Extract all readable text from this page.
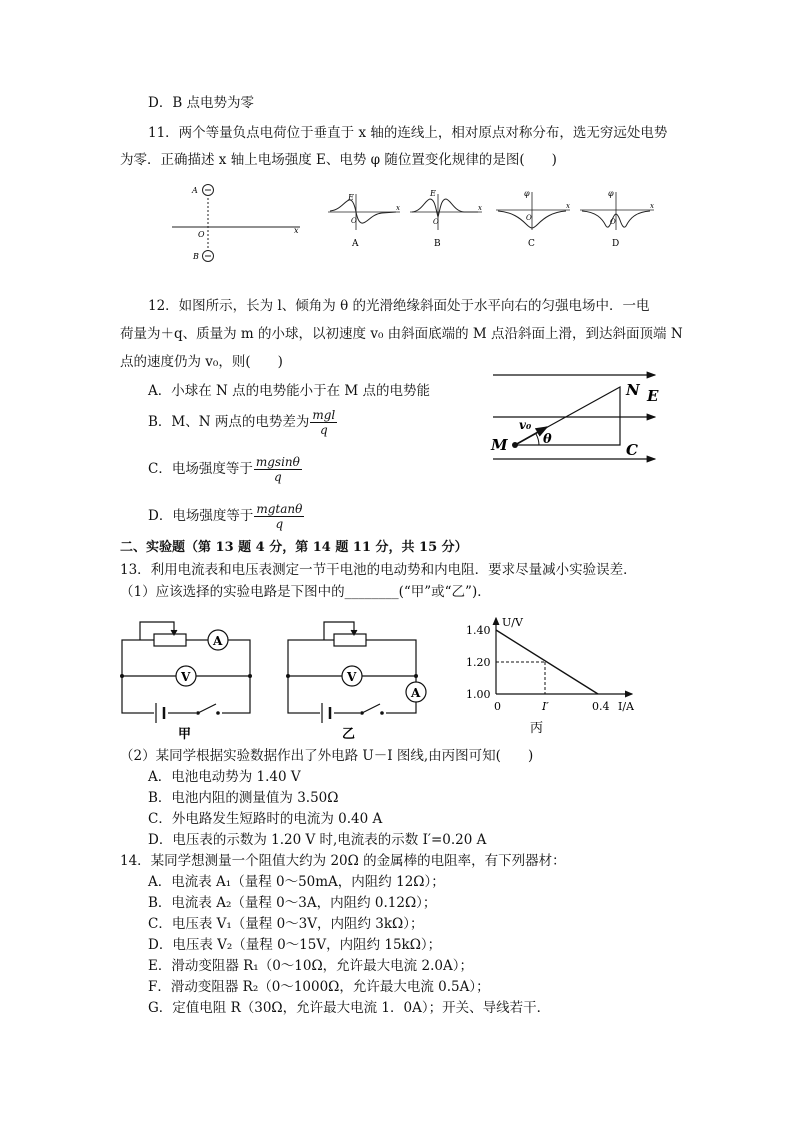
D．B 点电势为零
11．两个等量负点电荷位于垂直于 x 轴的连线上，相对原点对称分布，选无穷远处电势
为零．正确描述 x 轴上电场强度 E、电势 φ 随位置变化规律的是图(　　)
A
B
O	x
E
x
O
A
E
x
O
B
φ
x
O
C
φ
x
O
D
12．如图所示，长为 l、倾角为 θ 的光滑绝缘斜面处于水平向右的匀强电场中．一电
荷量为＋q、质量为 m 的小球，以初速度 v₀ 由斜面底端的 M 点沿斜面上滑，到达斜面顶端 N
点的速度仍为 v₀，则(　　)
A．小球在 N 点的电势能小于在 M 点的电势能
B．M、N 两点的电势差为 $\frac{\text{mgl}}{q}$
C．电场强度等于 $\frac{mgsin\theta}{q}$
D．电场强度等于 $\frac{mgtan\theta}{q}$
N E
M	C
v₀
θ
二、实验题（第 13 题 4 分，第 14 题 11 分，共 15 分）
13．利用电流表和电压表测定一节干电池的电动势和内电阻．要求尽量减小实验误差．
（1）应该选择的实验电路是下图中的________(“甲”或“乙”)．
A
V
甲
V
A
乙
U/V
I/A
1.40
1.20
1.00
0	I′	0.4
丙
（2）某同学根据实验数据作出了外电路 U－I 图线,由丙图可知(　　)
A．电池电动势为 1.40 V
B．电池内阻的测量值为 3.50Ω
C．外电路发生短路时的电流为 0.40 A
D．电压表的示数为 1.20 V 时,电流表的示数 I′=0.20 A
14．某同学想测量一个阻值大约为 20Ω 的金属棒的电阻率，有下列器材：
A．电流表 A₁（量程 0～50mA，内阻约 12Ω）；
B．电流表 A₂（量程 0～3A，内阻约 0.12Ω）；
C．电压表 V₁（量程 0～3V，内阻约 3kΩ）；
D．电压表 V₂（量程 0～15V，内阻约 15kΩ）；
E．滑动变阻器 R₁（0～10Ω，允许最大电流 2.0A）；
F．滑动变阻器 R₂（0～1000Ω，允许最大电流 0.5A）；
G．定值电阻 R（30Ω，允许最大电流 1．0A）；开关、导线若干．
